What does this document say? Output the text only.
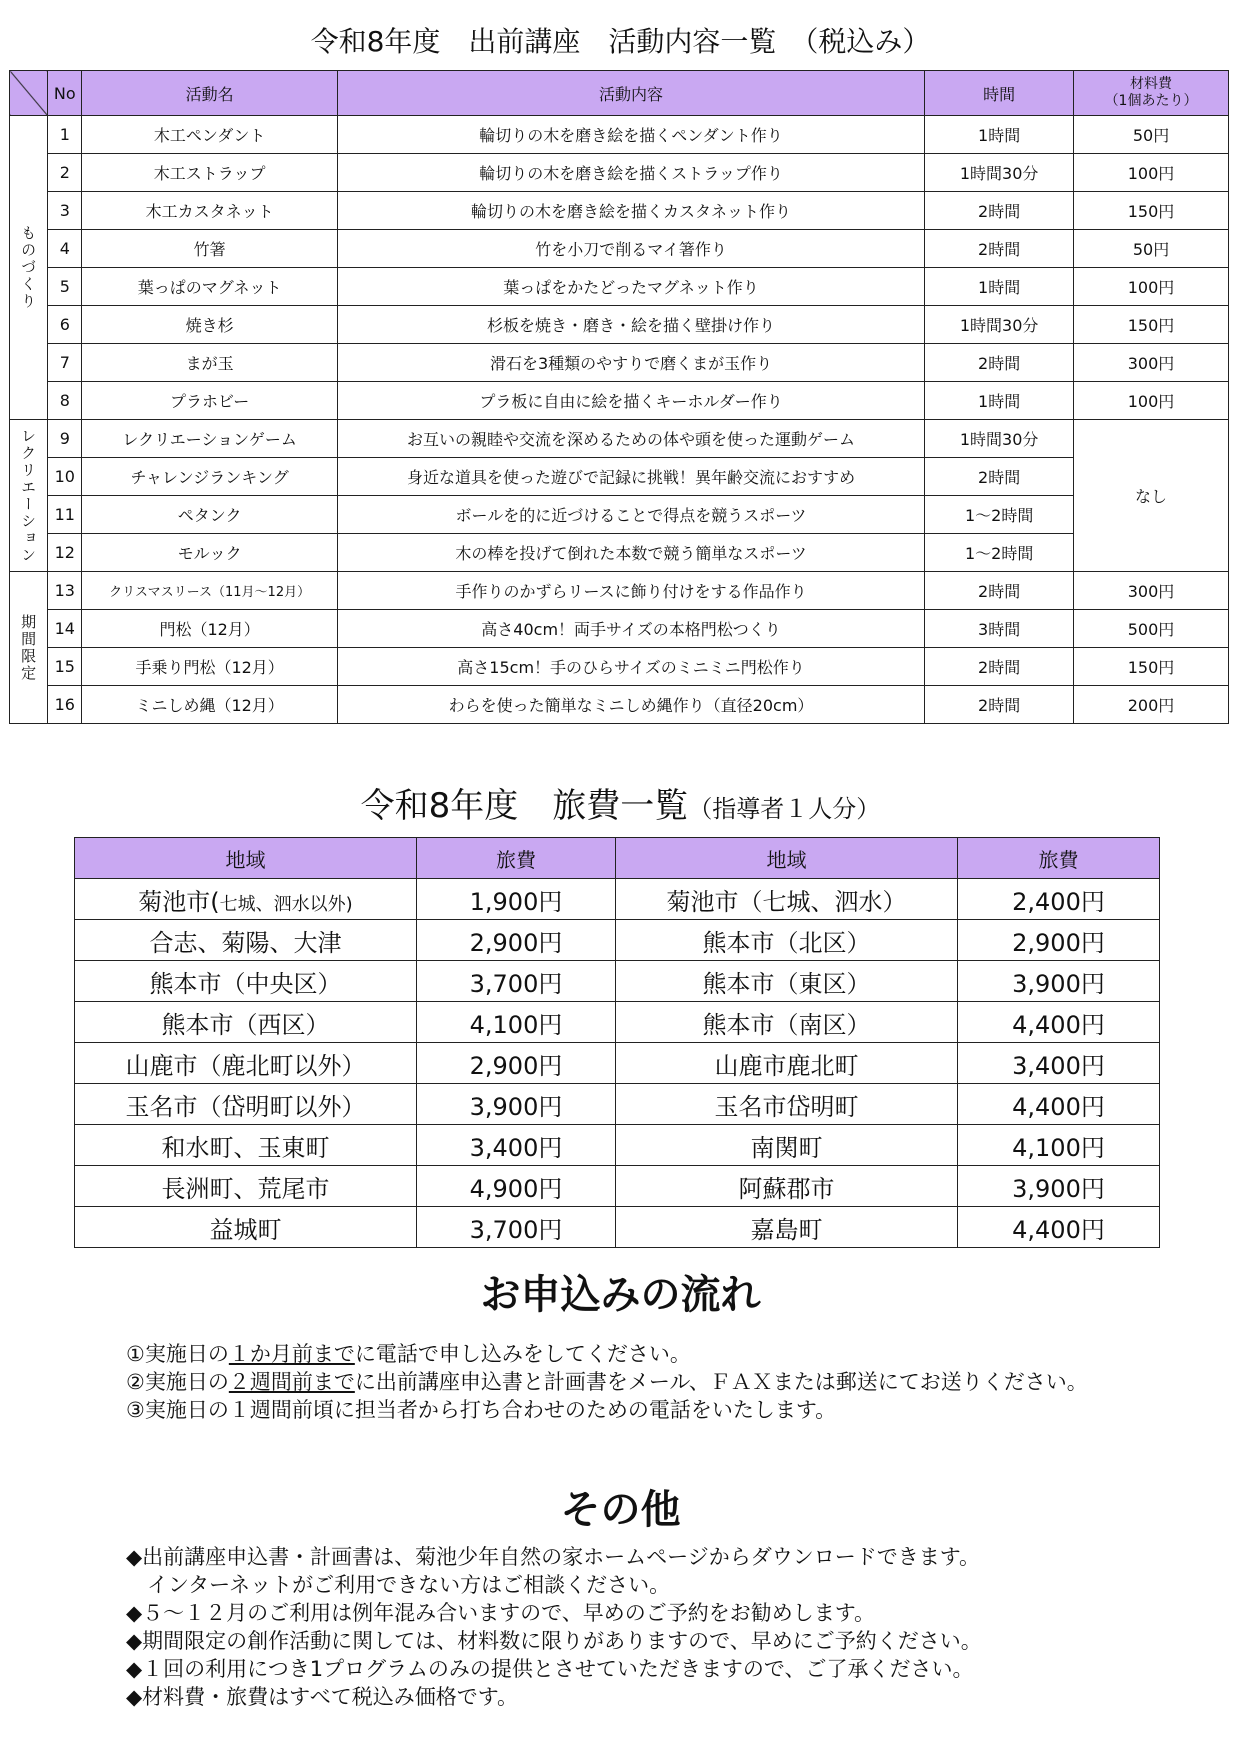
令和8年度　出前講座　活動内容一覧　（税込み）
	No	活動名	活動内容	時間	材料費
（1個あたり）
ものづくり	1	木工ペンダント	輪切りの木を磨き絵を描くペンダント作り	1時間	50円
	2	木工ストラップ	輪切りの木を磨き絵を描くストラップ作り	1時間30分	100円
	3	木工カスタネット	輪切りの木を磨き絵を描くカスタネット作り	2時間	150円
	4	竹箸	竹を小刀で削るマイ箸作り	2時間	50円
	5	葉っぱのマグネット	葉っぱをかたどったマグネット作り	1時間	100円
	6	焼き杉	杉板を焼き・磨き・絵を描く壁掛け作り	1時間30分	150円
	7	まが玉	滑石を3種類のやすりで磨くまが玉作り	2時間	300円
	8	プラホビー	プラ板に自由に絵を描くキーホルダー作り	1時間	100円
レクリエーション	9	レクリエーションゲーム	お互いの親睦や交流を深めるための体や頭を使った運動ゲーム	1時間30分	なし
	10	チャレンジランキング	身近な道具を使った遊びで記録に挑戦！異年齢交流におすすめ	2時間	
	11	ペタンク	ボールを的に近づけることで得点を競うスポーツ	1～2時間	
	12	モルック	木の棒を投げて倒れた本数で競う簡単なスポーツ	1～2時間	
期間限定	13	クリスマスリース（11月～12月）	手作りのかずらリースに飾り付けをする作品作り	2時間	300円
	14	門松（12月）	高さ40cm！両手サイズの本格門松つくり	3時間	500円
	15	手乗り門松（12月）	高さ15cm！手のひらサイズのミニミニ門松作り	2時間	150円
	16	ミニしめ縄（12月）	わらを使った簡単なミニしめ縄作り（直径20cm）	2時間	200円
令和8年度　旅費一覧（指導者１人分）
地域	旅費	地域	旅費
菊池市(七城、泗水以外)	1,900円	菊池市（七城、泗水）	2,400円
合志、菊陽、大津	2,900円	熊本市（北区）	2,900円
熊本市（中央区）	3,700円	熊本市（東区）	3,900円
熊本市（西区）	4,100円	熊本市（南区）	4,400円
山鹿市（鹿北町以外）	2,900円	山鹿市鹿北町	3,400円
玉名市（岱明町以外）	3,900円	玉名市岱明町	4,400円
和水町、玉東町	3,400円	南関町	4,100円
長洲町、荒尾市	4,900円	阿蘇郡市	3,900円
益城町	3,700円	嘉島町	4,400円
お申込みの流れ
①実施日の１か月前までに電話で申し込みをしてください。
②実施日の２週間前までに出前講座申込書と計画書をメール、ＦＡＸまたは郵送にてお送りください。
③実施日の１週間前頃に担当者から打ち合わせのための電話をいたします。
その他
◆出前講座申込書・計画書は、菊池少年自然の家ホームページからダウンロードできます。
　インターネットがご利用できない方はご相談ください。
◆５～１２月のご利用は例年混み合いますので、早めのご予約をお勧めします。
◆期間限定の創作活動に関しては、材料数に限りがありますので、早めにご予約ください。
◆１回の利用につき1プログラムのみの提供とさせていただきますので、ご了承ください。
◆材料費・旅費はすべて税込み価格です。
